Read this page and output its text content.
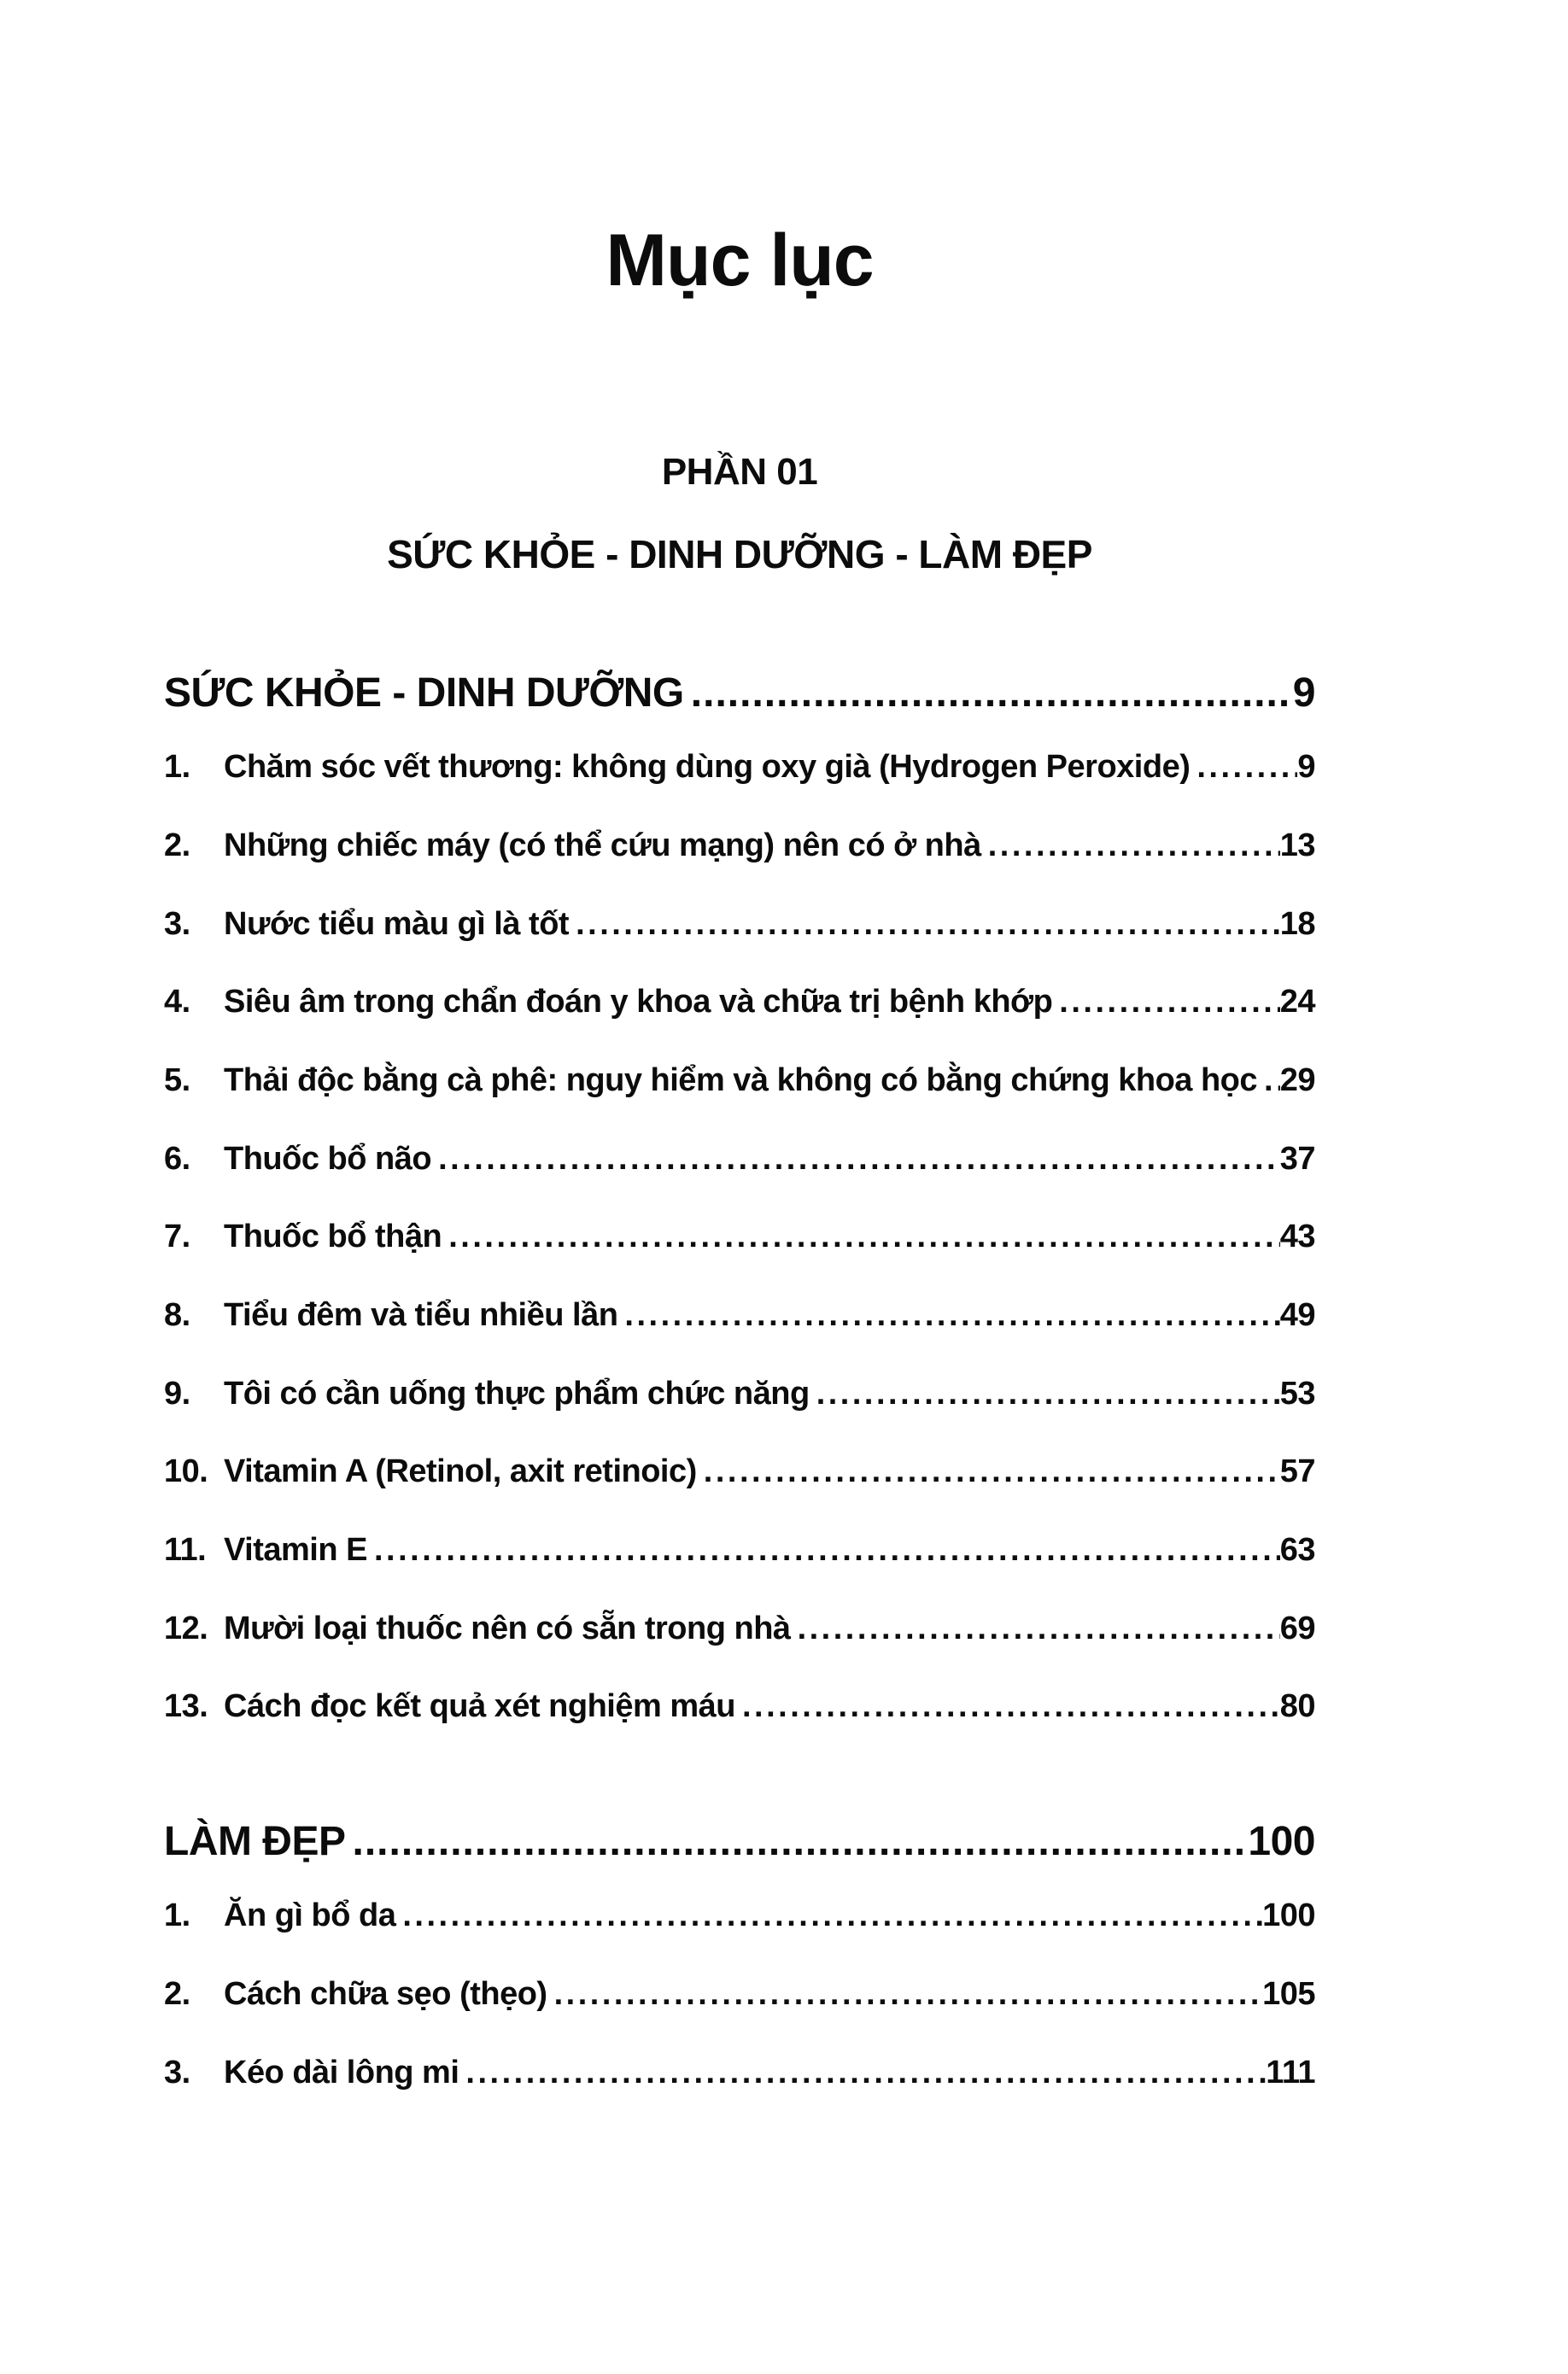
Mục lục
PHẦN 01
SỨC KHỎE - DINH DƯỠNG - LÀM ĐẸP
SỨC KHỎE - DINH DƯỠNG .....	9
1.	Chăm sóc vết thương: không dùng oxy già (Hydrogen Peroxide) .....	9
2.	Những chiếc máy (có thể cứu mạng) nên có ở nhà .....	13
3.	Nước tiểu màu gì là tốt .....	18
4.	Siêu âm trong chẩn đoán y khoa và chữa trị bệnh khớp .....	24
5.	Thải độc bằng cà phê: nguy hiểm và không có bằng chứng khoa học ..... 29
6.	Thuốc bổ não .....	37
7.	Thuốc bổ thận .....	43
8.	Tiểu đêm và tiểu nhiều lần .....	49
9.	Tôi có cần uống thực phẩm chức năng .....	53
10. Vitamin A (Retinol, axit retinoic) .....	57
11. Vitamin E .....	63
12. Mười loại thuốc nên có sẵn trong nhà .....	69
13. Cách đọc kết quả xét nghiệm máu .....	80
LÀM ĐẸP .....	100
1.	Ăn gì bổ da .....	100
2.	Cách chữa sẹo (thẹo) .....	105
3.	Kéo dài lông mi .....	111
